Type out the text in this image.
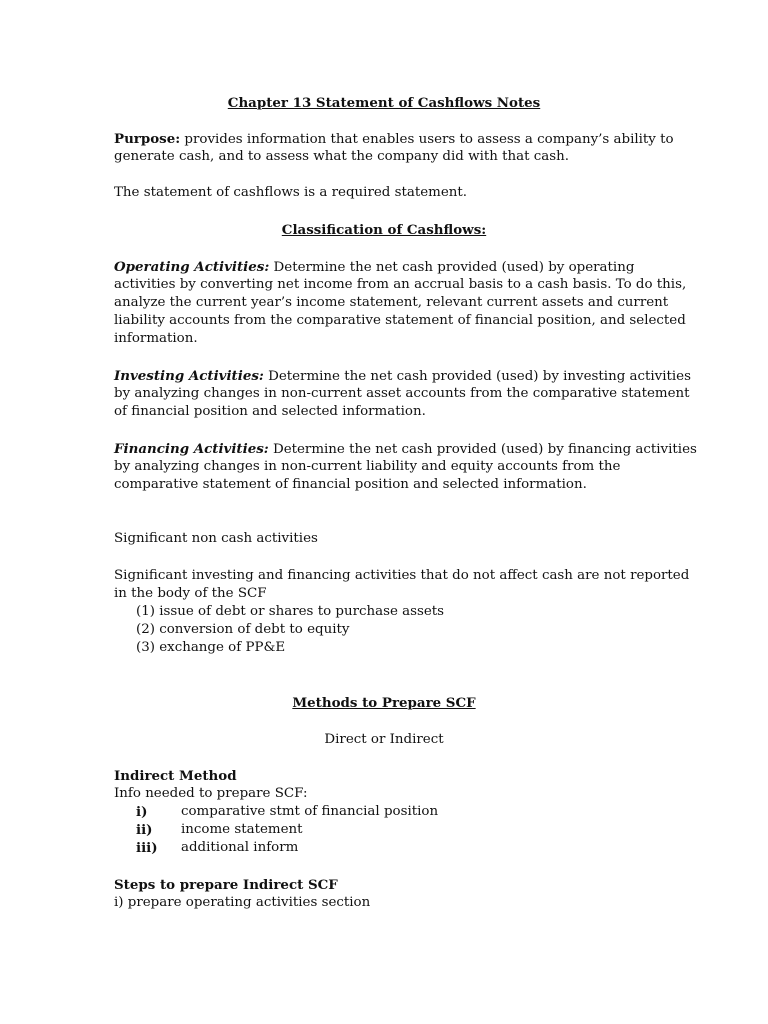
Chapter 13 Statement of Cashflows Notes
Purpose: provides information that enables users to assess a company’s ability to
generate cash, and to assess what the company did with that cash.
The statement of cashflows is a required statement.
Classification of Cashflows:
Operating Activities: Determine the net cash provided (used) by operating
activities by converting net income from an accrual basis to a cash basis. To do this,
analyze the current year’s income statement, relevant current assets and current
liability accounts from the comparative statement of financial position, and selected
information.
Investing Activities: Determine the net cash provided (used) by investing activities
by analyzing changes in non-current asset accounts from the comparative statement
of financial position and selected information.
Financing Activities: Determine the net cash provided (used) by financing activities
by analyzing changes in non-current liability and equity accounts from the
comparative statement of financial position and selected information.
Significant non cash activities
Significant investing and financing activities that do not affect cash are not reported
in the body of the SCF
(1) issue of debt or shares to purchase assets
(2) conversion of debt to equity
(3) exchange of PP&E
Methods to Prepare SCF
Direct or Indirect
Indirect Method
Info needed to prepare SCF:
i)	comparative stmt of financial position
ii) income statement
iii) additional inform
Steps to prepare Indirect SCF
i) prepare operating activities section
